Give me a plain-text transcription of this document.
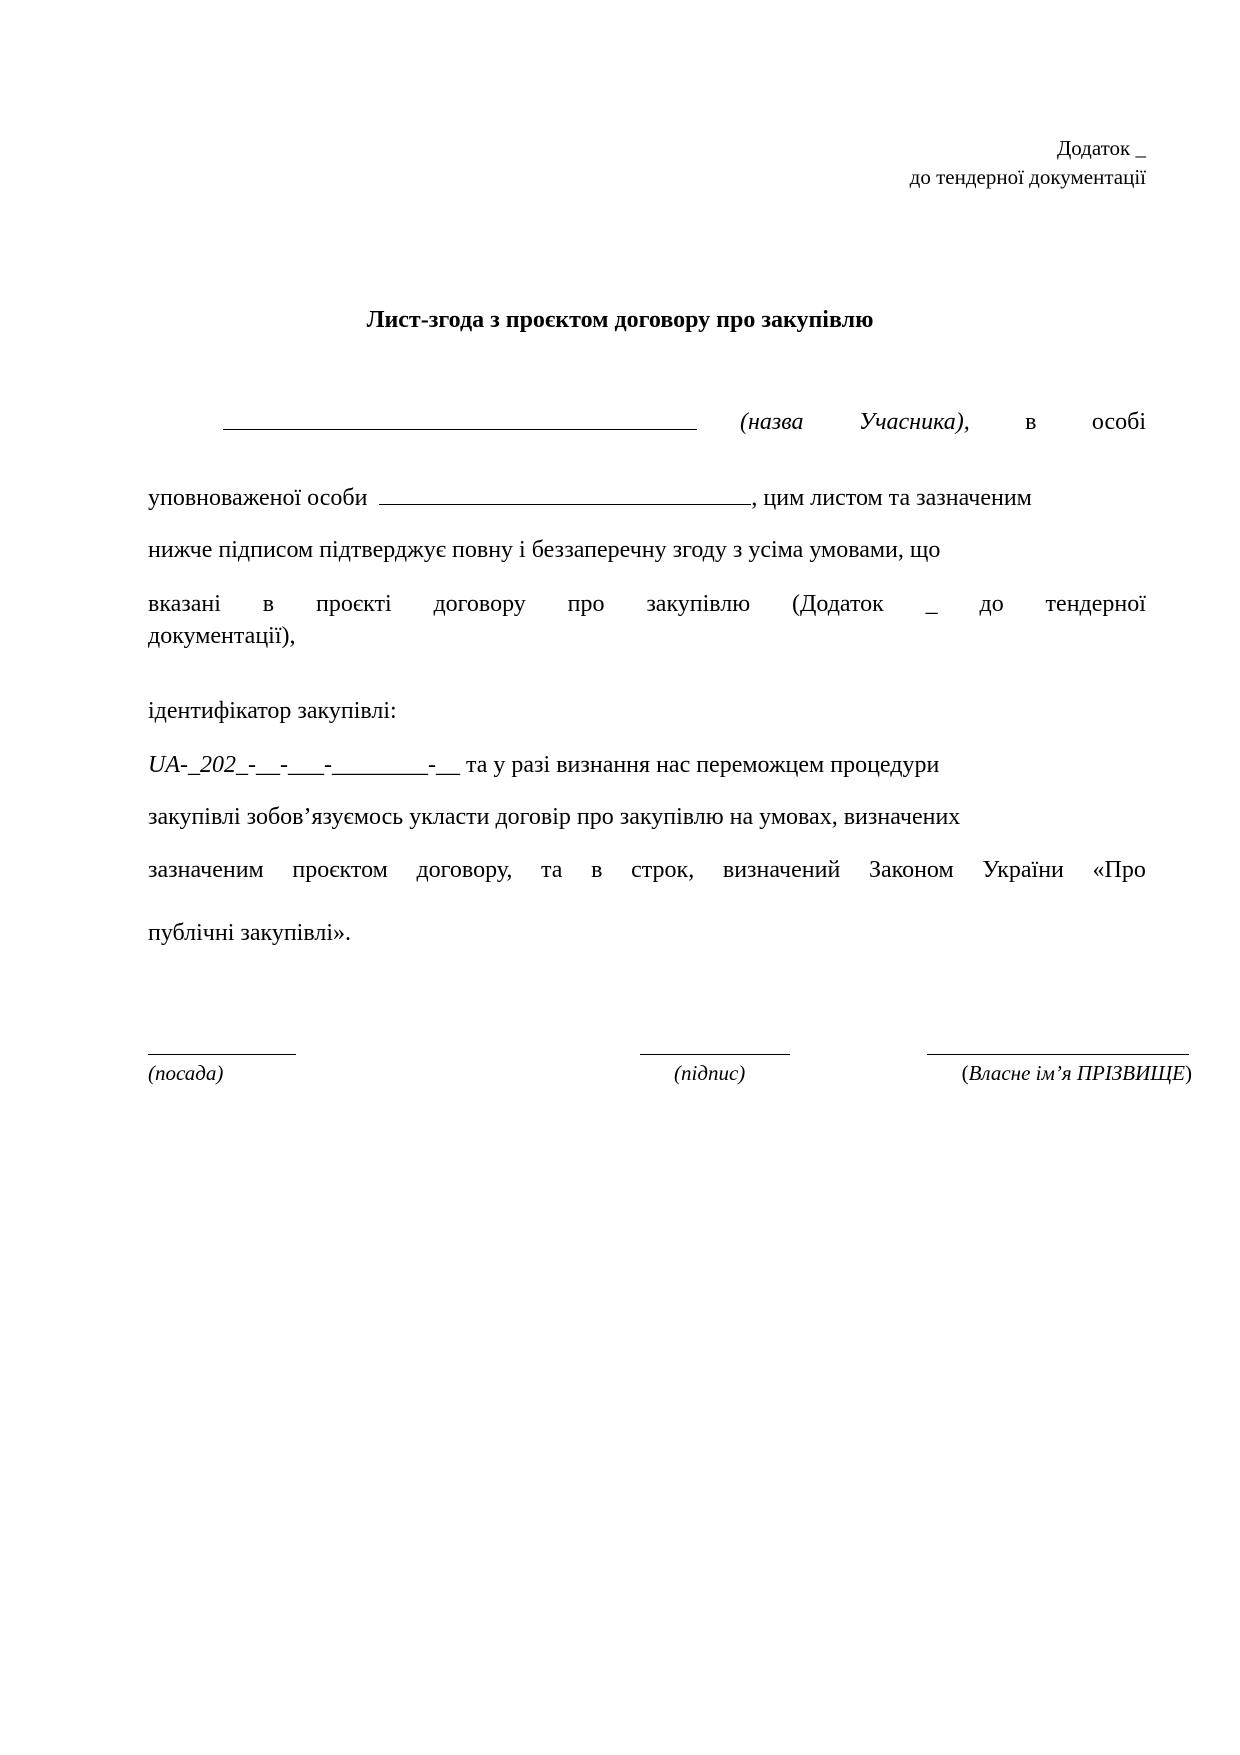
Додаток _
до тендерної документації
Лист-згода з проєктом договору про закупівлю
(назва Учасника), в особі
уповноваженої особи	, цим листом та зазначеним
нижче підписом підтверджує повну і беззаперечну згоду з усіма умовами, що
вказані в проєкті договору про закупівлю (Додаток _ до тендерної
документації),
ідентифікатор закупівлі:
UA-_202_-__-___-________-__ та у разі визнання нас переможцем процедури
закупівлі зобов’язуємось укласти договір про закупівлю на умовах, визначених
зазначеним проєктом договору, та в строк, визначений Законом України «Про
публічні закупівлі».
(посада)	(підпис)	(Власне ім’я ПРІЗВИЩЕ)
